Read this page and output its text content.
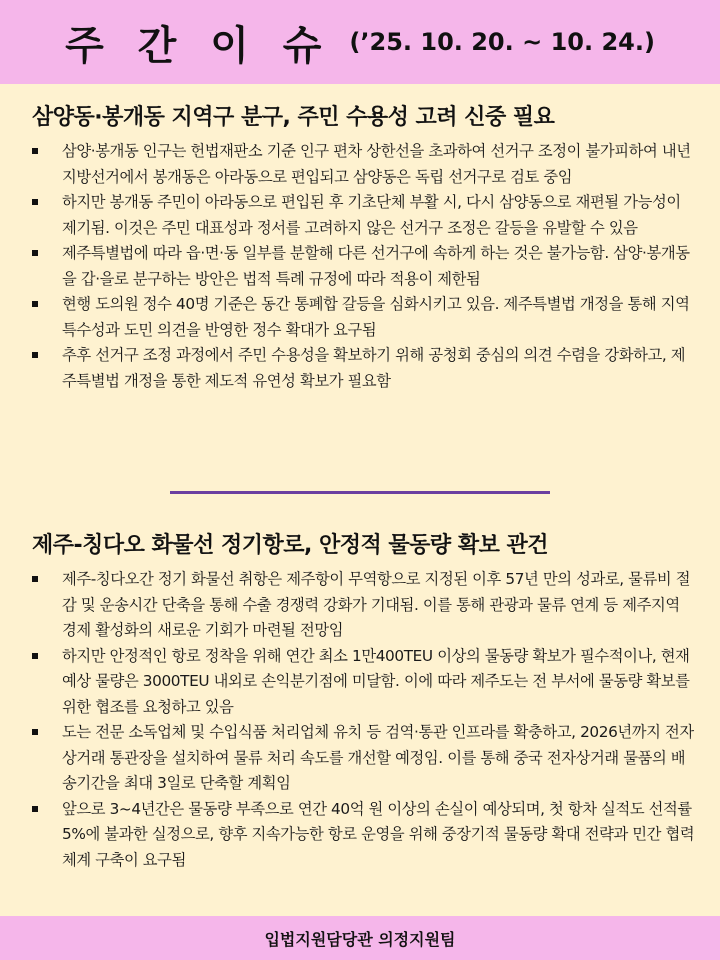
주 간 이 슈 (’25. 10. 20. ~ 10. 24.)
삼양동·봉개동 지역구 분구, 주민 수용성 고려 신중 필요
삼양·봉개동 인구는 헌법재판소 기준 인구 편차 상한선을 초과하여 선거구 조정이 불가피하여 내년 지방선거에서 봉개동은 아라동으로 편입되고 삼양동은 독립 선거구로 검토 중임
하지만 봉개동 주민이 아라동으로 편입된 후 기초단체 부활 시, 다시 삼양동으로 재편될 가능성이 제기됨. 이것은 주민 대표성과 정서를 고려하지 않은 선거구 조정은 갈등을 유발할 수 있음
제주특별법에 따라 읍·면·동 일부를 분할해 다른 선거구에 속하게 하는 것은 불가능함. 삼양·봉개동을 갑·을로 분구하는 방안은 법적 특례 규정에 따라 적용이 제한됨
현행 도의원 정수 40명 기준은 동간 통폐합 갈등을 심화시키고 있음. 제주특별법 개정을 통해 지역 특수성과 도민 의견을 반영한 정수 확대가 요구됨
추후 선거구 조정 과정에서 주민 수용성을 확보하기 위해 공청회 중심의 의견 수렴을 강화하고, 제주특별법 개정을 통한 제도적 유연성 확보가 필요함
제주-칭다오 화물선 정기항로, 안정적 물동량 확보 관건
제주-칭다오간 정기 화물선 취항은 제주항이 무역항으로 지정된 이후 57년 만의 성과로, 물류비 절감 및 운송시간 단축을 통해 수출 경쟁력 강화가 기대됨. 이를 통해 관광과 물류 연계 등 제주지역 경제 활성화의 새로운 기회가 마련될 전망임
하지만 안정적인 항로 정착을 위해 연간 최소 1만400TEU 이상의 물동량 확보가 필수적이나, 현재 예상 물량은 3000TEU 내외로 손익분기점에 미달함. 이에 따라 제주도는 전 부서에 물동량 확보를 위한 협조를 요청하고 있음
도는 전문 소독업체 및 수입식품 처리업체 유치 등 검역·통관 인프라를 확충하고, 2026년까지 전자상거래 통관장을 설치하여 물류 처리 속도를 개선할 예정임. 이를 통해 중국 전자상거래 물품의 배송기간을 최대 3일로 단축할 계획임
앞으로 3~4년간은 물동량 부족으로 연간 40억 원 이상의 손실이 예상되며, 첫 항차 실적도 선적률 5%에 불과한 실정으로, 향후 지속가능한 항로 운영을 위해 중장기적 물동량 확대 전략과 민간 협력체계 구축이 요구됨
입법지원담당관 의정지원팀
